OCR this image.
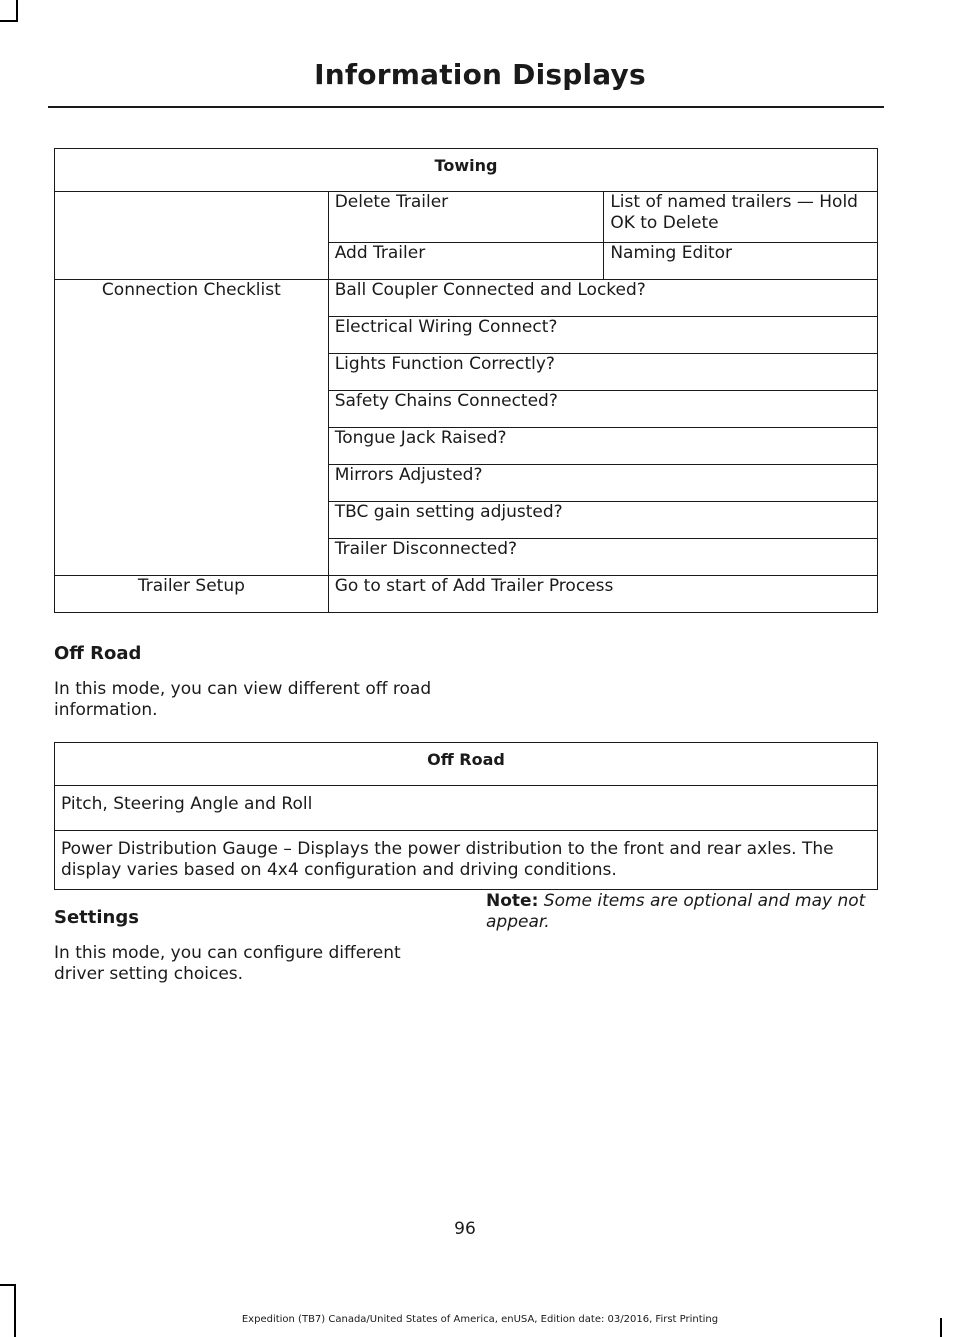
Information Displays
Towing		
	Delete Trailer	List of named trailers — Hold OK to Delete
	Add Trailer	Naming Editor
Connection Checklist	Ball Coupler Connected and Locked?	
	Electrical Wiring Connect?	
	Lights Function Correctly?	
	Safety Chains Connected?	
	Tongue Jack Raised?	
	Mirrors Adjusted?	
	TBC gain setting adjusted?	
	Trailer Disconnected?	
Trailer Setup	Go to start of Add Trailer Process	
Off Road
In this mode, you can view different off road information.
Off Road
Pitch, Steering Angle and Roll
Power Distribution Gauge – Displays the power distribution to the front and rear axles. The display varies based on 4x4 configuration and driving conditions.
Settings
In this mode, you can configure different driver setting choices.
Note: Some items are optional and may not appear.
96
Expedition (TB7) Canada/United States of America, enUSA, Edition date: 03/2016, First Printing
